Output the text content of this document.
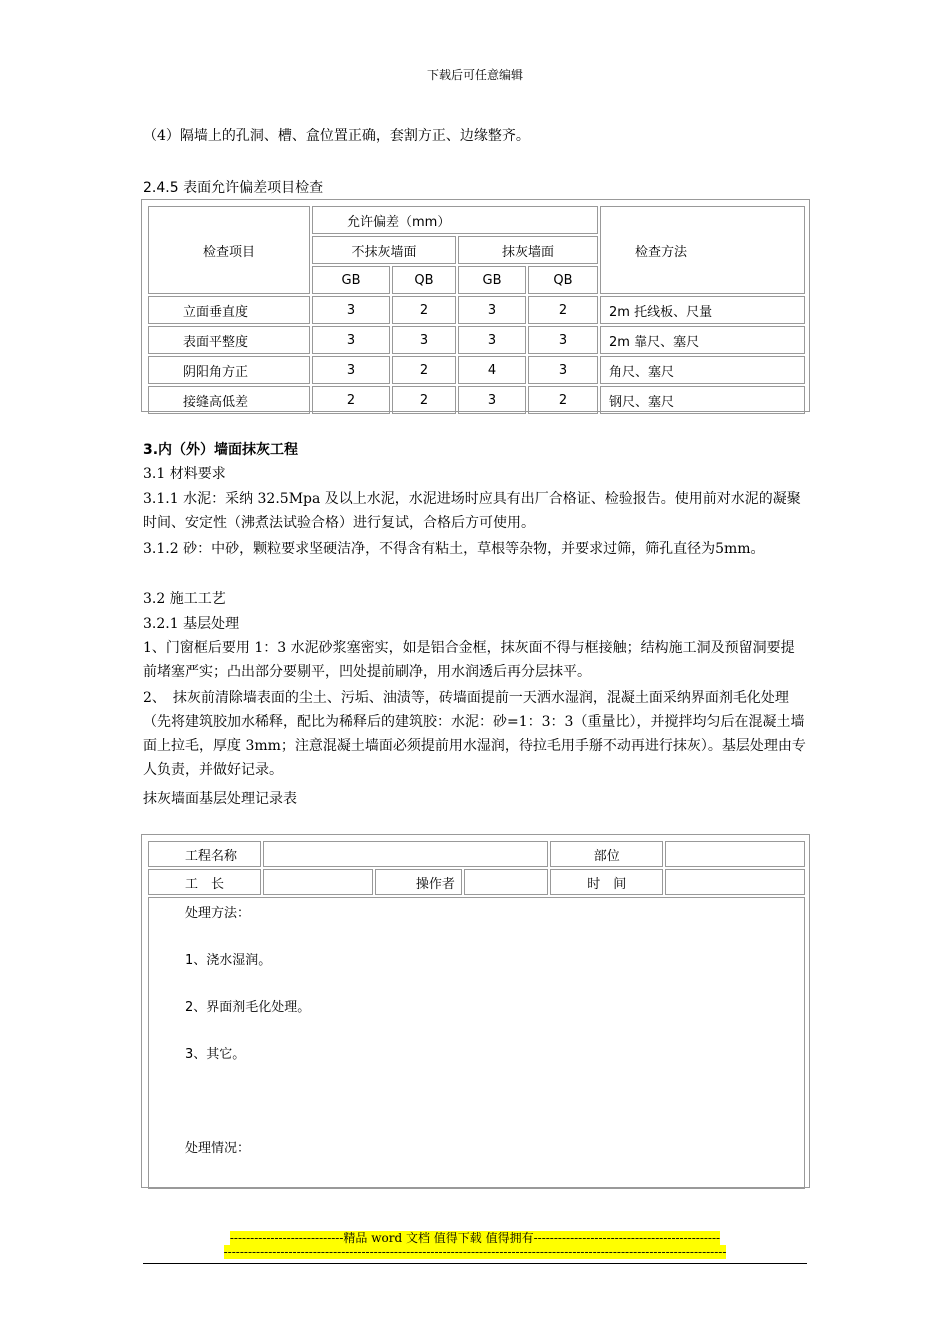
下载后可任意编辑
（4）隔墙上的孔洞、槽、盒位置正确，套割方正、边缘整齐。
2.4.5 表面允许偏差项目检查
检查项目	允许偏差（mm）				检查方法
	不抹灰墙面		抹灰墙面		
	GB	QB	GB	QB	
立面垂直度	3	2	3	2	2m 托线板、尺量
表面平整度	3	3	3	3	2m 靠尺、塞尺
阴阳角方正	3	2	4	3	角尺、塞尺
接缝高低差	2	2	3	2	钢尺、塞尺
3.内（外）墙面抹灰工程
3.1 材料要求
3.1.1 水泥：采纳 32.5Mpa 及以上水泥，水泥进场时应具有出厂合格证、检验报告。使用前对水泥的凝聚时间、安定性（沸煮法试验合格）进行复试，合格后方可使用。
3.1.2 砂：中砂，颗粒要求坚硬洁净，不得含有粘土，草根等杂物，并要求过筛，筛孔直径为5mm。
3.2 施工工艺
3.2.1 基层处理
1、门窗框后要用 1：3 水泥砂浆塞密实，如是铝合金框，抹灰面不得与框接触；结构施工洞及预留洞要提前堵塞严实；凸出部分要剔平，凹处提前刷净，用水润透后再分层抹平。
2、　抹灰前清除墙表面的尘土、污垢、油渍等，砖墙面提前一天洒水湿润，混凝土面采纳界面剂毛化处理（先将建筑胶加水稀释，配比为稀释后的建筑胶：水泥：砂=1：3：3（重量比），并搅拌均匀后在混凝土墙面上拉毛，厚度 3mm；注意混凝土墙面必须提前用水湿润，待拉毛用手掰不动再进行抹灰）。基层处理由专人负责，并做好记录。
抹灰墙面基层处理记录表
工程名称				部位	
工　长		操作者		时　间	

处理方法：
1、浇水湿润。
2、界面剂毛化处理。
3、其它。
处理情况：					
----------------------------精品 word 文档 值得下载 值得拥有----------------------------------------------
----------------------------------------------------------------------------------------------------------------------------
